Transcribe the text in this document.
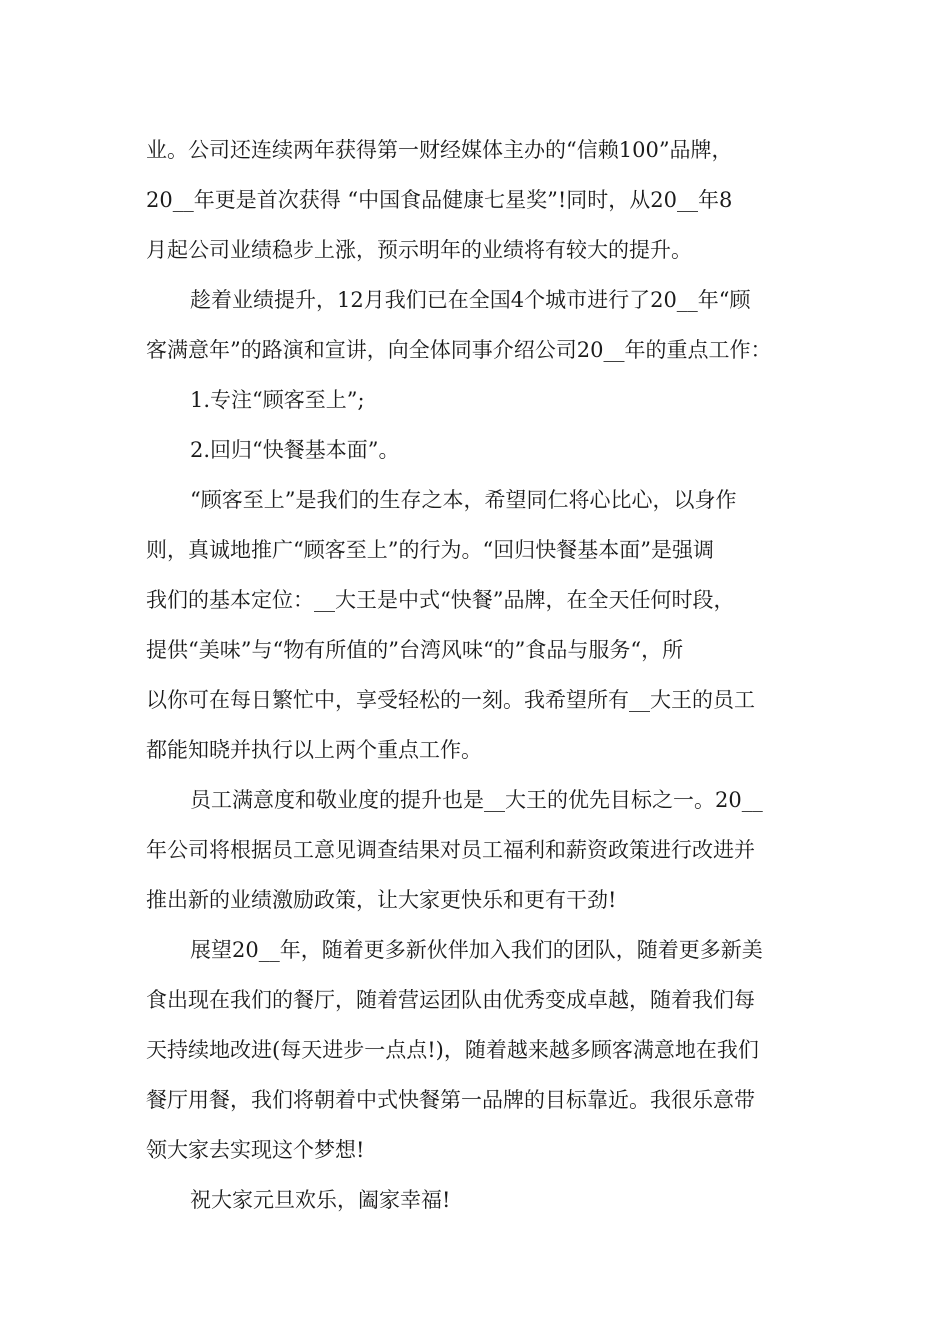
业。公司还连续两年获得第一财经媒体主办的“信赖100”品牌，
20__年更是首次获得 “中国食品健康七星奖”!同时，从20__年8
月起公司业绩稳步上涨，预示明年的业绩将有较大的提升。
趁着业绩提升，12月我们已在全国4个城市进行了20__年“顾
客满意年”的路演和宣讲，向全体同事介绍公司20__年的重点工作：
1.专注“顾客至上”;
2.回归“快餐基本面”。
“顾客至上”是我们的生存之本，希望同仁将心比心，以身作
则，真诚地推广“顾客至上”的行为。“回归快餐基本面”是强调
我们的基本定位：__大王是中式“快餐”品牌，在全天任何时段，
提供“美味”与“物有所值的”台湾风味“的”食品与服务“，所
以你可在每日繁忙中，享受轻松的一刻。我希望所有__大王的员工
都能知晓并执行以上两个重点工作。
员工满意度和敬业度的提升也是__大王的优先目标之一。20__
年公司将根据员工意见调查结果对员工福利和薪资政策进行改进并
推出新的业绩激励政策，让大家更快乐和更有干劲!
展望20__年，随着更多新伙伴加入我们的团队，随着更多新美
食出现在我们的餐厅，随着营运团队由优秀变成卓越，随着我们每
天持续地改进(每天进步一点点!)，随着越来越多顾客满意地在我们
餐厅用餐，我们将朝着中式快餐第一品牌的目标靠近。我很乐意带
领大家去实现这个梦想!
祝大家元旦欢乐，阖家幸福!
